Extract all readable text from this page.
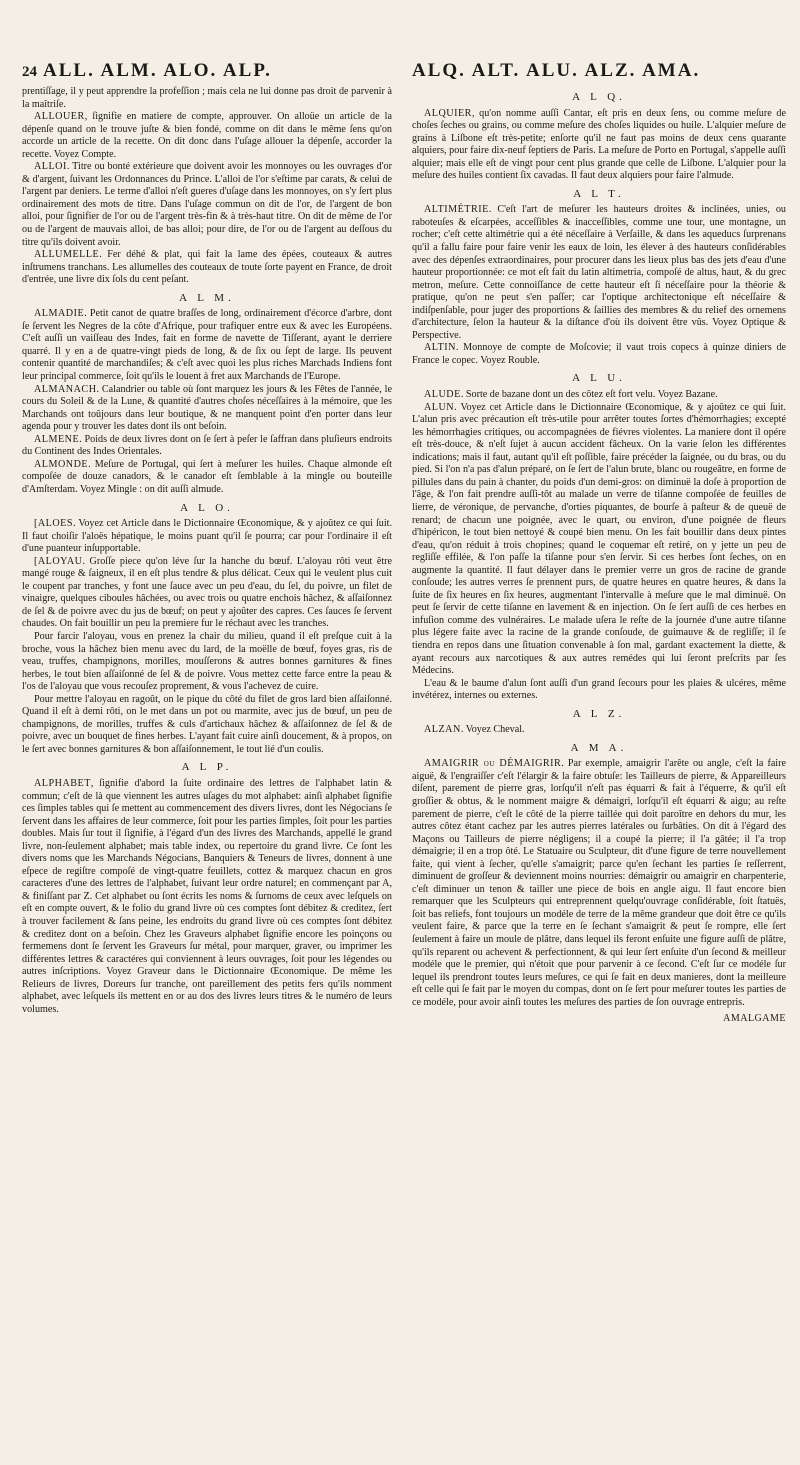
24 ALL. ALM. ALO. ALP.	ALQ. ALT. ALU. ALZ. AMA.

prentiſſage, il y peut apprendre la profeſſion ; mais cela ne lui donne pas droit de parvenir à la maîtriſe.

ALLOUER, ſignifie en matiere de compte, approuver. On alloüe un article de la dépenſe quand on le trouve juſte & bien fondé, comme on dit dans le même ſens qu'on accorde un article de la recette. On dit donc dans l'uſage allouer la dépenſe, accorder la recette. Voyez Compte.

ALLOI. Titre ou bonté extérieure que doivent avoir les monnoyes ou les ouvrages d'or & d'argent, ſuivant les Ordonnances du Prince. L'alloi de l'or s'eſtime par carats, & celui de l'argent par deniers. Le terme d'alloi n'eſt gueres d'uſage dans les monnoyes, on s'y ſert plus ordinairement des mots de titre. Dans l'uſage commun on dit de l'or, de l'argent de bon alloi, pour ſignifier de l'or ou de l'argent très-fin & à très-haut titre. On dit de même de l'or ou de l'argent de mauvais alloi, de bas alloi; pour dire, de l'or ou de l'argent au deſſous du titre qu'ils doivent avoir.

ALLUMELLE. Fer déhé & plat, qui fait la lame des épées, couteaux & autres inſtrumens tranchans. Les allumelles des couteaux de toute ſorte payent en France, de droit d'entrée, une livre dix ſols du cent peſant.

A L M.

ALMADIE. Petit canot de quatre braſſes de long, ordinairement d'écorce d'arbre, dont ſe ſervent les Negres de la côte d'Afrique, pour trafiquer entre eux & avec les Européens. C'eſt auſſi un vaiſſeau des Indes, fait en forme de navette de Tiſſerant, ayant le derriere quarré. Il y en a de quatre-vingt pieds de long, & de ſix ou ſept de large. Ils peuvent contenir quantité de marchandiſes; & c'eſt avec quoi les plus riches Marchads Indiens font leur principal commerce, ſoit qu'ils le louent à fret aux Marchands de l'Europe.

ALMANACH. Calandrier ou table où ſont marquez les jours & les Fêtes de l'année, le cours du Soleil & de la Lune, & quantité d'autres choſes néceſſaires à la mémoire, que les Marchands ont toûjours dans leur boutique, & ne manquent point d'en porter dans leur agenda pour y trouver les dates dont ils ont beſoin.

ALMENE. Poids de deux livres dont on ſe ſert à peſer le ſaffran dans pluſieurs endroits du Continent des Indes Orientales.

ALMONDE. Meſure de Portugal, qui ſert à meſurer les huiles. Chaque almonde eſt compoſée de douze canadors, & le canador eſt ſemblable à la mingle ou bouteille d'Amſterdam. Voyez Mingle : on dit auſſi almude.

A L O.

[ALOES. Voyez cet Article dans le Dictionnaire Œconomique, & y ajoûtez ce qui ſuit. Il faut choiſir l'aloës hépatique, le moins puant qu'il ſe pourra; car pour l'ordinaire il eſt d'une puanteur inſupportable.

[ALOYAU. Groſſe piece qu'on léve ſur la hanche du bœuf. L'aloyau rôti veut être mangé rouge & ſaigneux, il en eſt plus tendre & plus délicat. Ceux qui le veulent plus cuit le coupent par tranches, y font une ſauce avec un peu d'eau, du ſel, du poivre, un filet de vinaigre, quelques ciboules hâchées, ou avec trois ou quatre enchois hâchez, & aſſaiſonnez de ſel & de poivre avec du jus de bœuf; on peut y ajoûter des capres. Ces ſauces ſe ſervent chaudes. On fait bouillir un peu la premiere fur le réchaut avec les tranches.

Pour farcir l'aloyau, vous en prenez la chair du milieu, quand il eſt preſque cuit à la broche, vous la hâchez bien menu avec du lard, de la moëlle de bœuf, foyes gras, ris de veau, truffes, champignons, morilles, mouſſerons & autres bonnes garnitures & fines herbes, le tout bien aſſaiſonné de ſel & de poivre. Vous mettez cette farce entre la peau & l'os de l'aloyau que vous recouſez proprement, & vous l'achevez de cuire.

Pour mettre l'aloyau en ragoût, on le pique du côté du filet de gros lard bien aſſaiſonné. Quand il eſt à demi rôti, on le met dans un pot ou marmite, avec jus de bœuf, un peu de champignons, de morilles, truffes & culs d'artichaux hâchez & aſſaiſonnez de ſel & de poivre, avec un bouquet de fines herbes. L'ayant fait cuire ainſi doucement, & à propos, on le ſert avec bonnes garnitures & bon aſſaiſonnement, le tout lié d'un coulis.

A L P.

ALPHABET, ſignifie d'abord la ſuite ordinaire des lettres de l'alphabet latin & commun; c'eſt de là que viennent les autres uſages du mot alphabet: ainſi alphabet ſignifie ces ſimples tables qui ſe mettent au commencement des divers livres, dont les Négocians ſe ſervent dans les affaires de leur commerce, ſoit pour les parties ſimples, ſoit pour les parties doubles. Mais ſur tout il ſignifie, à l'égard d'un des livres des Marchands, appellé le grand livre, non-ſeulement alphabet; mais table index, ou repertoire du grand livre. Ce ſont les divers noms que les Marchands Négocians, Banquiers & Teneurs de livres, donnent à une eſpece de regiſtre compoſé de vingt-quatre feuillets, cottez & marquez chacun en gros caracteres d'une des lettres de l'alphabet, ſuivant leur ordre naturel; en commençant par A, & finiſſant par Z. Cet alphabet ou ſont écrits les noms & ſurnoms de ceux avec leſquels on eſt en compte ouvert, & le folio du grand livre où ces comptes ſont débitez & creditez, ſert à trouver facilement & ſans peine, les endroits du grand livre où ces comptes ſont débitez & creditez dont on a beſoin. Chez les Graveurs alphabet ſignifie encore les poinçons ou fermemens dont ſe ſervent les Graveurs ſur métal, pour marquer, graver, ou imprimer les différentes lettres & caractéres qui conviennent à leurs ouvrages, ſoit pour les légendes ou autres inſcriptions. Voyez Graveur dans le Dictionnaire Œconomique. De même les Relieurs de livres, Doreurs ſur tranche, ont pareillement des petits fers qu'ils nomment alphabet, avec leſquels ils mettent en or au dos des livres leurs titres & le numéro de leurs volumes.

A L Q.

ALQUIER, qu'on nomme auſſi Cantar, eſt pris en deux ſens, ou comme meſure de choſes ſeches ou grains, ou comme meſure des choſes liquides ou huile. L'alquier meſure de grains à Liſbone eſt très-petite; enſorte qu'il ne faut pas moins de deux cens quarante alquiers, pour faire dix-neuf ſeptiers de Paris. La meſure de Porto en Portugal, s'appelle auſſi alquier; mais elle eſt de vingt pour cent plus grande que celle de Liſbone. L'alquier pour la meſure des huiles contient ſix cavadas. Il faut deux alquiers pour faire l'almude.

A L T.

ALTIMÉTRIE. C'eſt l'art de meſurer les hauteurs droites & inclinées, unies, ou raboteuſes & eſcarpées, acceſſibles & inacceſſibles, comme une tour, une montagne, un rocher; c'eſt cette altimétrie qui a été néceſſaire à Verſaille, & dans les aqueducs ſurprenans qu'il a fallu faire pour faire venir les eaux de loin, les élever à des hauteurs conſidérables avec des dépenſes extraordinaires, pour procurer dans les lieux plus bas des jets d'eau d'une hauteur proportionnée: ce mot eſt fait du latin altimetria, compoſé de altus, haut, & du grec metron, meſure. Cette connoiſſance de cette hauteur eſt ſi néceſſaire pour la théorie & pratique, qu'on ne peut s'en paſſer; car l'optique architectonique eſt néceſſaire & indiſpenſable, pour juger des proportions & ſaillies des membres & du relief des ornemens d'architecture, ſelon la hauteur & la diſtance d'où ils doivent être vûs. Voyez Optique & Perspective.

ALTIN. Monnoye de compte de Moſcovie; il vaut trois copecs à quinze diniers de France le copec. Voyez Rouble.

A L U.

ALUDE. Sorte de bazane dont un des côtez eſt fort velu. Voyez Bazane.

ALUN. Voyez cet Article dans le Dictionnaire Œconomique, & y ajoûtez ce qui ſuit. L'alun pris avec précaution eſt très-utile pour arrêter toutes ſortes d'hémorrhagies; excepté les hémorrhagies critiques, ou accompagnées de fiévres violentes. La maniere dont il opére eſt très-douce, & n'eſt ſujet à aucun accident fâcheux. On la varie ſelon les différentes indications; mais il faut, autant qu'il eſt poſſible, faire précéder la ſaignée, ou du bras, ou du pied. Si l'on n'a pas d'alun préparé, on ſe ſert de l'alun brute, blanc ou rougeâtre, en forme de pillules dans du pain à chanter, du poids d'un demi-gros: on diminuë la doſe à proportion de l'âge, & l'on fait prendre auſſi-tôt au malade un verre de tiſanne compoſée de feuilles de lierre, de véronique, de pervanche, d'orties piquantes, de bourſe à paſteur & de queuë de renard; de chacun une poignée, avec le quart, ou environ, d'une poignée de fleurs d'hipéricon, le tout bien nettoyé & coupé bien menu. On les fait bouillir dans deux pintes d'eau, qu'on réduit à trois chopines; quand le coquemar eſt retiré, on y jette un peu de regliſſe effilée, & l'on paſſe la tiſanne pour s'en ſervir. Si ces herbes ſont ſeches, on en augmente la quantité. Il faut délayer dans le premier verre un gros de racine de grande conſoude; les autres verres ſe prennent purs, de quatre heures en quatre heures, & dans la ſuite de ſix heures en ſix heures, augmentant l'intervalle à meſure que le mal diminuë. On peut ſe ſervir de cette tiſanne en lavement & en injection. On ſe ſert auſſi de ces herbes en infuſion comme des vulnéraires. Le malade uſera le reſte de la journée d'une autre tiſanne plus légere faite avec la racine de la grande conſoude, de guimauve & de regliſſe; il ſe tiendra en repos dans une ſituation convenable à ſon mal, gardant exactement la diette, & ayant recours aux narcotiques & aux autres remédes qui lui ſeront preſcrits par ſes Médecins.

L'eau & le baume d'alun ſont auſſi d'un grand ſecours pour les plaies & ulcéres, même invétérez, internes ou externes.

A L Z.

ALZAN. Voyez Cheval.

A M A.

AMAIGRIR ou DÉMAIGRIR. Par exemple, amaigrir l'arête ou angle, c'eſt la faire aiguë, & l'engraiſſer c'eſt l'élargir & la faire obtuſe: les Tailleurs de pierre, & Appareilleurs diſent, parement de pierre gras, lorſqu'il n'eſt pas équarri & fait à l'équerre, & qu'il eſt groſſier & obtus, & le nomment maigre & démaigri, lorſqu'il eſt équarri & aigu; au reſte parement de pierre, c'eſt le côté de la pierre taillée qui doit paroître en dehors du mur, les autres côtez étant cachez par les autres pierres latérales ou ſurbâties. On dit à l'égard des Maçons ou Tailleurs de pierre négligens; il a coupé la pierre; il l'a gâtée; il l'a trop démaigrie; il en a trop ôté. Le Statuaire ou Sculpteur, dit d'une figure de terre nouvellement faite, qui vient à ſecher, qu'elle s'amaigrit; parce qu'en ſechant les parties ſe reſſerrent, diminuent de groſſeur & deviennent moins nourries: démaigrir ou amaigrir en charpenterie, c'eſt diminuer un tenon & tailler une piece de bois en angle aigu. Il faut encore bien remarquer que les Sculpteurs qui entreprennent quelqu'ouvrage conſidérable, ſoit ſtatuës, ſoit bas reliefs, font toujours un modéle de terre de la même grandeur que doit être ce qu'ils veulent faire, & parce que la terre en ſe ſechant s'amaigrit & peut ſe rompre, elle ſert ſeulement à faire un moule de plâtre, dans lequel ils feront enſuite une figure auſſi de plâtre, qu'ils reparent ou achevent & perfectionnent, & qui leur ſert enſuite d'un ſecond & meilleur modéle que le premier, qui n'étoit que pour parvenir à ce ſecond. C'eſt ſur ce modéle ſur lequel ils prendront toutes leurs meſures, ce qui ſe fait en deux manieres, dont la meilleure eſt celle qui ſe fait par le moyen du compas, dont on ſe ſert pour meſurer toutes les parties de ce modéle, pour avoir ainſi toutes les meſures des parties de ſon ouvrage entrepris.

AMALGAME
